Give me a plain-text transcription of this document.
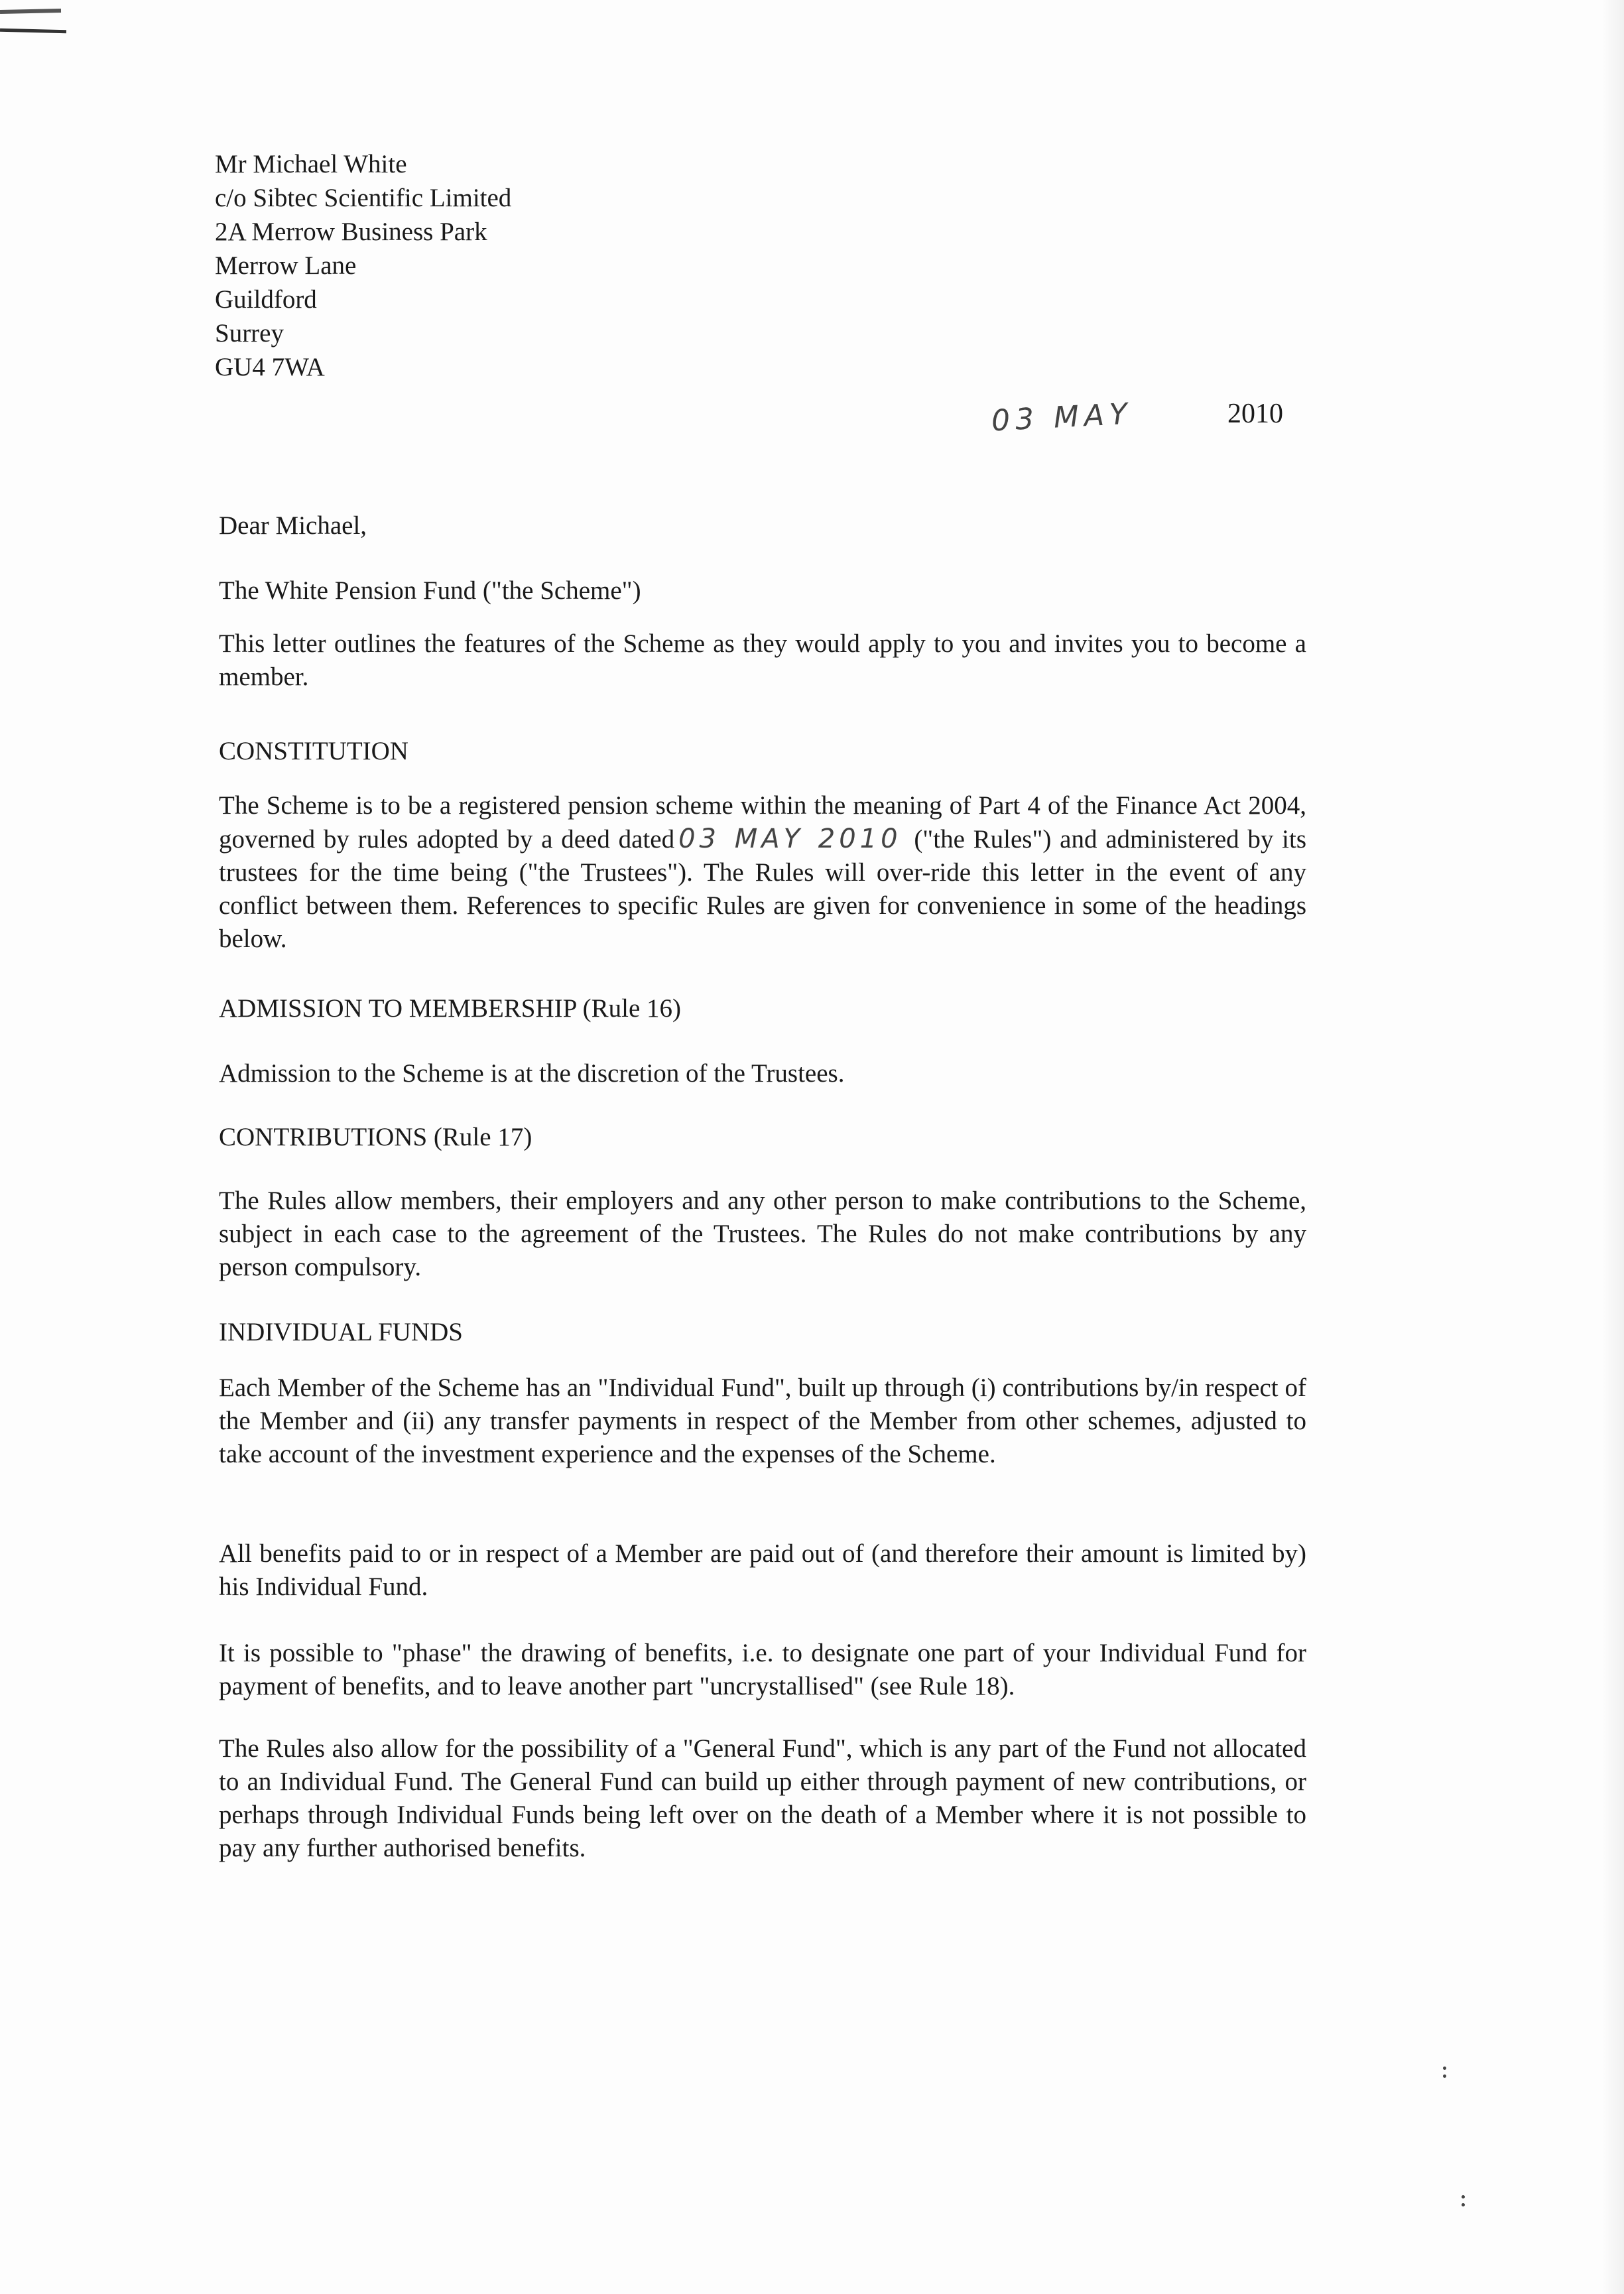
Mr Michael White
c/o Sibtec Scientific Limited
2A Merrow Business Park
Merrow Lane
Guildford
Surrey
GU4 7WA
03 MAY	2010
Dear Michael,
The White Pension Fund ("the Scheme")
This letter outlines the features of the Scheme as they would apply to you and invites you to become a member.
CONSTITUTION
The Scheme is to be a registered pension scheme within the meaning of Part 4 of the Finance Act 2004, governed by rules adopted by a deed dated 03 MAY 2010 ("the Rules") and administered by its trustees for the time being ("the Trustees"). The Rules will over-ride this letter in the event of any conflict between them. References to specific Rules are given for convenience in some of the headings below.
ADMISSION TO MEMBERSHIP (Rule 16)
Admission to the Scheme is at the discretion of the Trustees.
CONTRIBUTIONS (Rule 17)
The Rules allow members, their employers and any other person to make contributions to the Scheme, subject in each case to the agreement of the Trustees. The Rules do not make contributions by any person compulsory.
INDIVIDUAL FUNDS
Each Member of the Scheme has an "Individual Fund", built up through (i) contributions by/in respect of the Member and (ii) any transfer payments in respect of the Member from other schemes, adjusted to take account of the investment experience and the expenses of the Scheme.
All benefits paid to or in respect of a Member are paid out of (and therefore their amount is limited by) his Individual Fund.
It is possible to "phase" the drawing of benefits, i.e. to designate one part of your Individual Fund for payment of benefits, and to leave another part "uncrystallised" (see Rule 18).
The Rules also allow for the possibility of a "General Fund", which is any part of the Fund not allocated to an Individual Fund. The General Fund can build up either through payment of new contributions, or perhaps through Individual Funds being left over on the death of a Member where it is not possible to pay any further authorised benefits.
